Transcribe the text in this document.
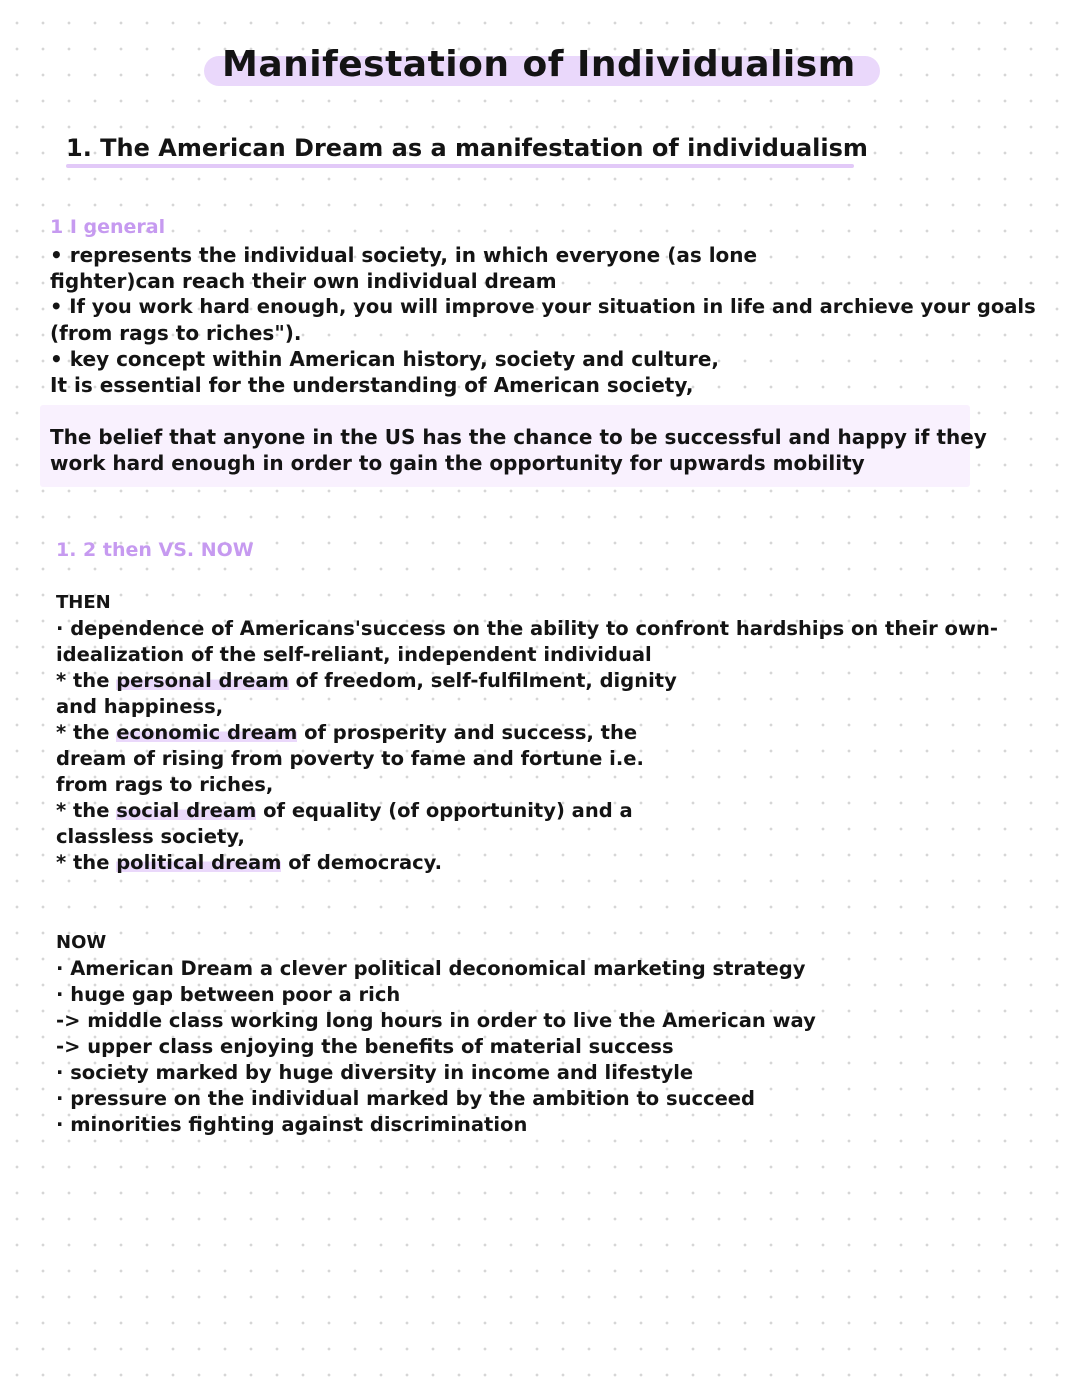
Manifestation of Individualism
1. The American Dream as a manifestation of individualism
1 I general
• represents the individual society, in which everyone (as lone
fighter)can reach their own individual dream
• If you work hard enough, you will improve your situation in life and archieve your goals
(from rags to riches").
• key concept within American history, society and culture,
It is essential for the understanding of American society,
The belief that anyone in the US has the chance to be successful and happy if they
work hard enough in order to gain the opportunity for upwards mobility
1. 2 then VS. NOW
THEN
· dependence of Americans'success on the ability to confront hardships on their own-
idealization of the self-reliant, independent individual
* the personal dream of freedom, self-fulfilment, dignity
and happiness,
* the economic dream of prosperity and success, the
dream of rising from poverty to fame and fortune i.e.
from rags to riches,
* the social dream of equality (of opportunity) and a
classless society,
* the political dream of democracy.
NOW
· American Dream a clever political deconomical marketing strategy
· huge gap between poor a rich
-> middle class working long hours in order to live the American way
-> upper class enjoying the benefits of material success
· society marked by huge diversity in income and lifestyle
· pressure on the individual marked by the ambition to succeed
· minorities fighting against discrimination
